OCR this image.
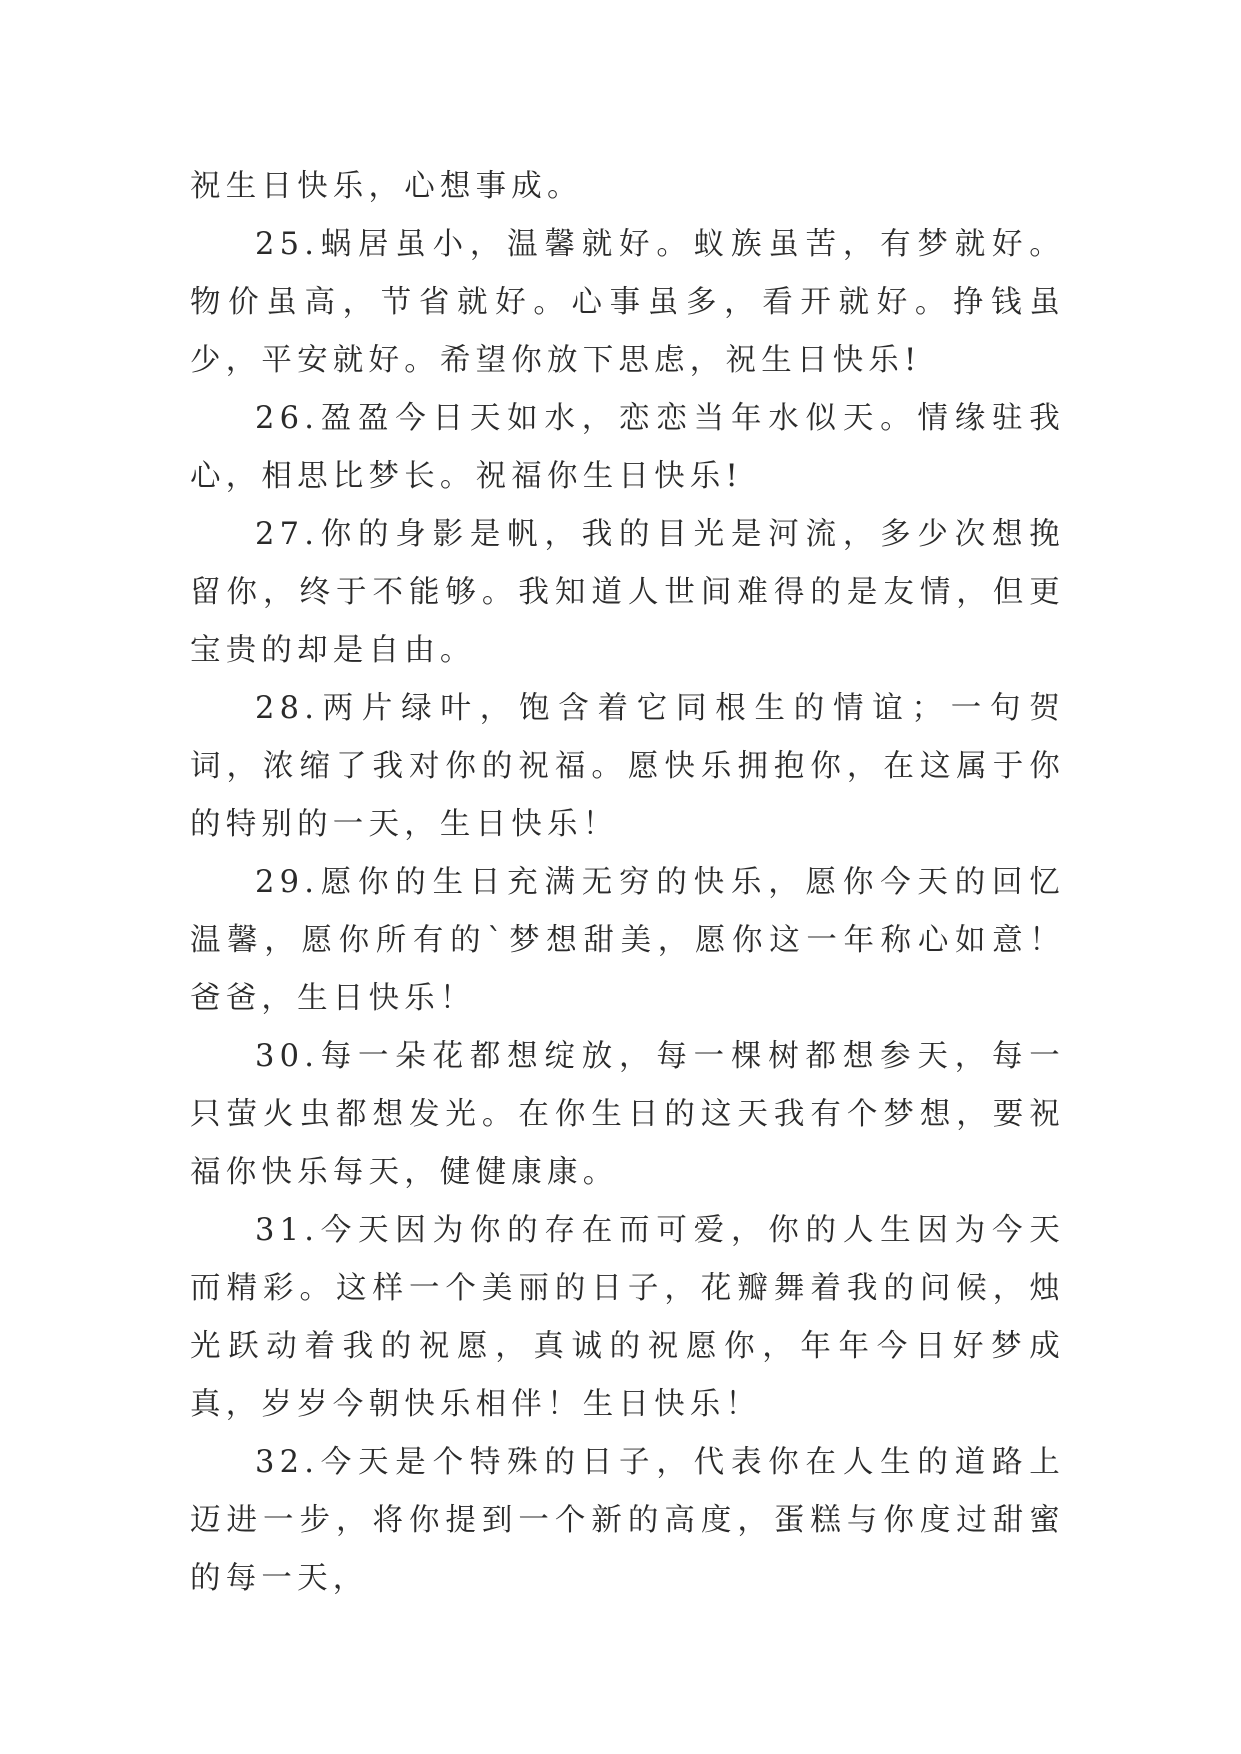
祝生日快乐，心想事成。

25.蜗居虽小，温馨就好。蚁族虽苦，有梦就好。物价虽高，节省就好。心事虽多，看开就好。挣钱虽少，平安就好。希望你放下思虑，祝生日快乐!

26.盈盈今日天如水，恋恋当年水似天。情缘驻我心，相思比梦长。祝福你生日快乐!

27.你的身影是帆，我的目光是河流，多少次想挽留你，终于不能够。我知道人世间难得的是友情，但更宝贵的却是自由。

28.两片绿叶，饱含着它同根生的情谊；一句贺词，浓缩了我对你的祝福。愿快乐拥抱你，在这属于你的特别的一天，生日快乐！

29.愿你的生日充满无穷的快乐，愿你今天的回忆温馨，愿你所有的`梦想甜美，愿你这一年称心如意！爸爸，生日快乐！

30.每一朵花都想绽放，每一棵树都想参天，每一只萤火虫都想发光。在你生日的这天我有个梦想，要祝福你快乐每天，健健康康。

31.今天因为你的存在而可爱，你的人生因为今天而精彩。这样一个美丽的日子，花瓣舞着我的问候，烛光跃动着我的祝愿，真诚的祝愿你，年年今日好梦成真，岁岁今朝快乐相伴！生日快乐！

32.今天是个特殊的日子，代表你在人生的道路上迈进一步，将你提到一个新的高度，蛋糕与你度过甜蜜的每一天，
